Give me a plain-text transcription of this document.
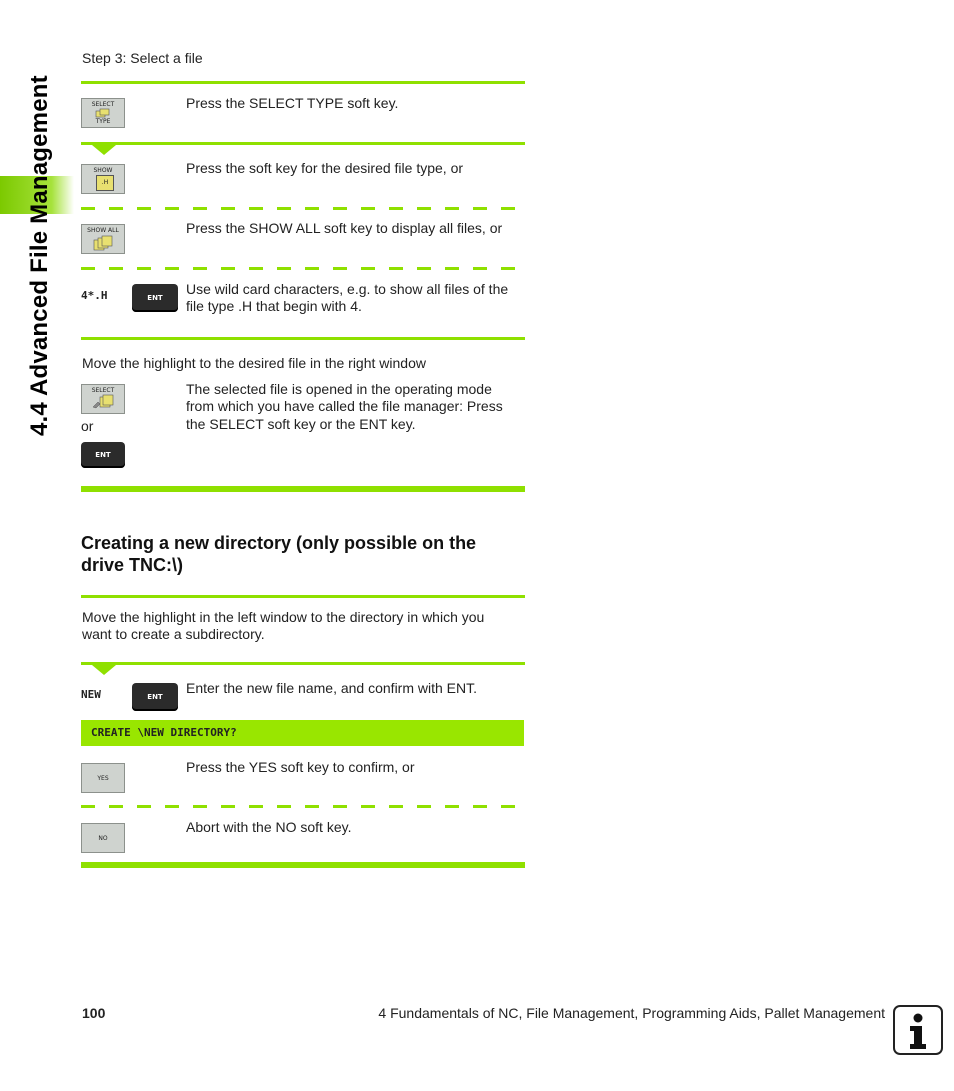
4.4 Advanced File Management
Step 3: Select a file
SELECT
TYPE
Press the SELECT TYPE soft key.
SHOW
.H
Press the soft key for the desired file type, or
SHOW ALL	Press the SHOW ALL soft key to display all files, or
4*.H	ENT
Use wild card characters, e.g. to show all files of the
file type .H that begin with 4.
Move the highlight to the desired file in the right window
SELECT
or
ENT
The selected file is opened in the operating mode
from which you have called the file manager: Press
the SELECT soft key or the ENT key.
Creating a new directory (only possible on the
drive TNC:\)
Move the highlight in the left window to the directory in which you
want to create a subdirectory.
NEW	ENT
Enter the new file name, and confirm with ENT.
CREATE \NEW DIRECTORY?
YES
Press the YES soft key to confirm, or
NO
Abort with the NO soft key.
100	4 Fundamentals of NC, File Management, Programming Aids, Pallet Management
